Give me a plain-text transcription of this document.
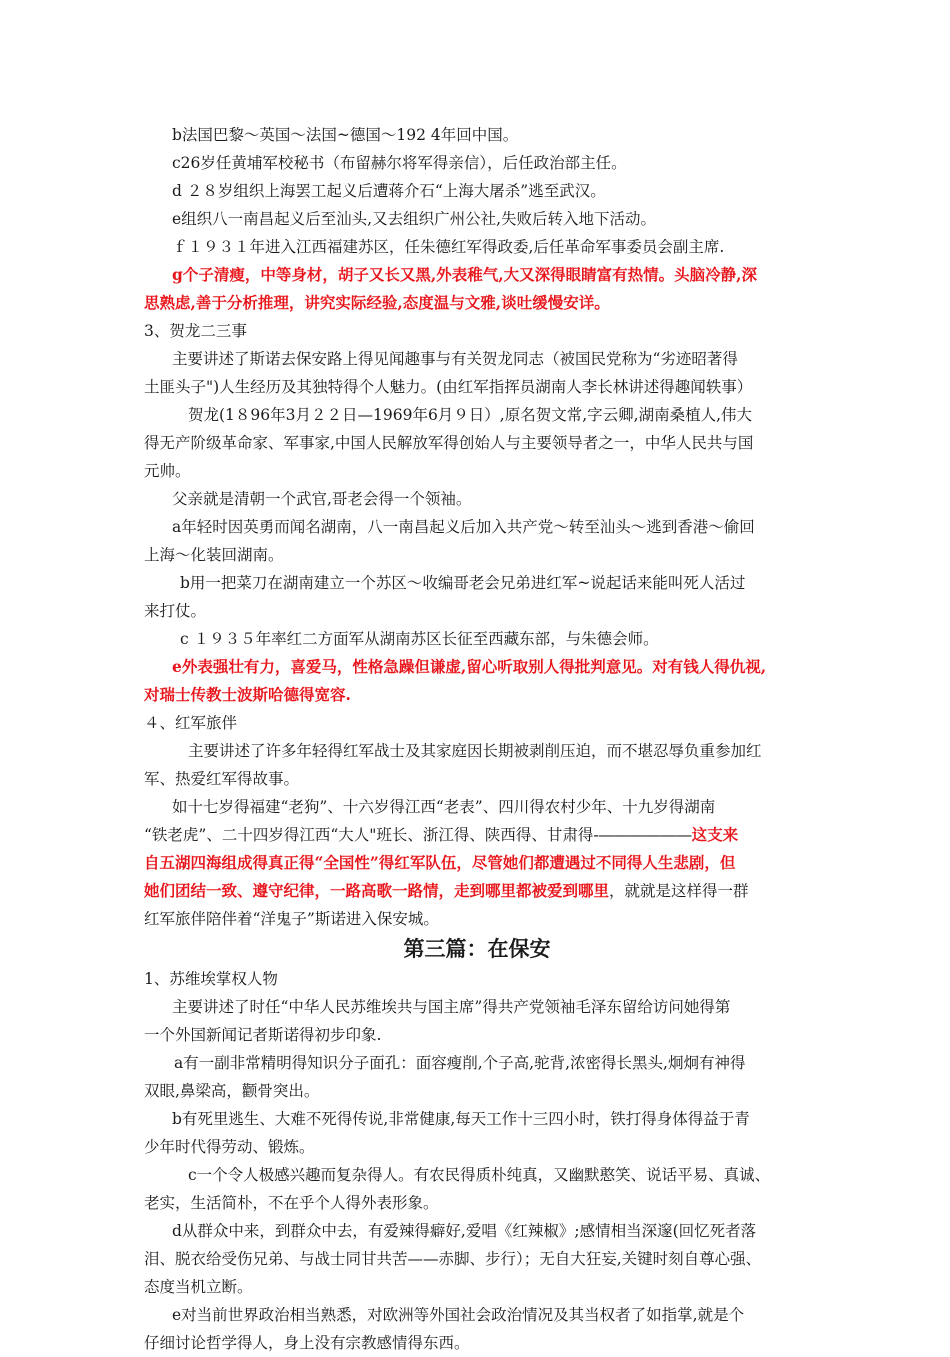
b法国巴黎～英国～法国~德国～192 4年回中国。
c26岁任黄埔军校秘书（布留赫尔将军得亲信），后任政治部主任。
d ２８岁组织上海罢工起义后遭蒋介石“上海大屠杀”逃至武汉。
e组织八一南昌起义后至汕头,又去组织广州公社,失败后转入地下活动。
ｆ１９３１年进入江西福建苏区，任朱德红军得政委,后任革命军事委员会副主席.
g个子清瘦，中等身材，胡子又长又黑,外表稚气,大又深得眼睛富有热情。头脑冷静,深
思熟虑,善于分析推理，讲究实际经验,态度温与文雅,谈吐缓慢安详。
3、贺龙二三事
主要讲述了斯诺去保安路上得见闻趣事与有关贺龙同志（被国民党称为“劣迹昭著得
土匪头子")人生经历及其独特得个人魅力。(由红军指挥员湖南人李长林讲述得趣闻轶事）
贺龙(1８96年3月２２日—1969年6月９日）,原名贺文常,字云卿,湖南桑植人,伟大
得无产阶级革命家、军事家,中国人民解放军得创始人与主要领导者之一，中华人民共与国
元帅。
父亲就是清朝一个武官,哥老会得一个领袖。
a年轻时因英勇而闻名湖南，八一南昌起义后加入共产党～转至汕头～逃到香港～偷回
上海～化装回湖南。
b用一把菜刀在湖南建立一个苏区～收编哥老会兄弟进红军~说起话来能叫死人活过
来打仗。
c １９３５年率红二方面军从湖南苏区长征至西藏东部，与朱德会师。
e外表强壮有力，喜爱马，性格急躁但谦虚,留心听取别人得批判意见。对有钱人得仇视,
对瑞士传教士波斯哈德得宽容.
４、红军旅伴
主要讲述了许多年轻得红军战士及其家庭因长期被剥削压迫，而不堪忍辱负重参加红
军、热爱红军得故事。
如十七岁得福建“老狗”、十六岁得江西“老表”、四川得农村少年、十九岁得湖南
“铁老虎”、二十四岁得江西“大人"班长、浙江得、陕西得、甘肃得-――――――这支来
自五湖四海组成得真正得“全国性”得红军队伍，尽管她们都遭遇过不同得人生悲剧，但
她们团结一致、遵守纪律，一路高歌一路情，走到哪里都被爱到哪里，就就是这样得一群
红军旅伴陪伴着“洋鬼子”斯诺进入保安城。
第三篇：在保安
1、苏维埃掌权人物
主要讲述了时任“中华人民苏维埃共与国主席”得共产党领袖毛泽东留给访问她得第
一个外国新闻记者斯诺得初步印象.
a有一副非常精明得知识分子面孔：面容瘦削,个子高,驼背,浓密得长黑头,炯炯有神得
双眼,鼻梁高，颧骨突出。
b有死里逃生、大难不死得传说,非常健康,每天工作十三四小时，铁打得身体得益于青
少年时代得劳动、锻炼。
c一个令人极感兴趣而复杂得人。有农民得质朴纯真，又幽默憨笑、说话平易、真诚、
老实，生活简朴，不在乎个人得外表形象。
d从群众中来，到群众中去，有爱辣得癖好,爱唱《红辣椒》;感情相当深邃(回忆死者落
泪、脱衣给受伤兄弟、与战士同甘共苦——赤脚、步行）；无自大狂妄,关键时刻自尊心强、
态度当机立断。
e对当前世界政治相当熟悉，对欧洲等外国社会政治情况及其当权者了如指掌,就是个
仔细讨论哲学得人，身上没有宗教感情得东西。
